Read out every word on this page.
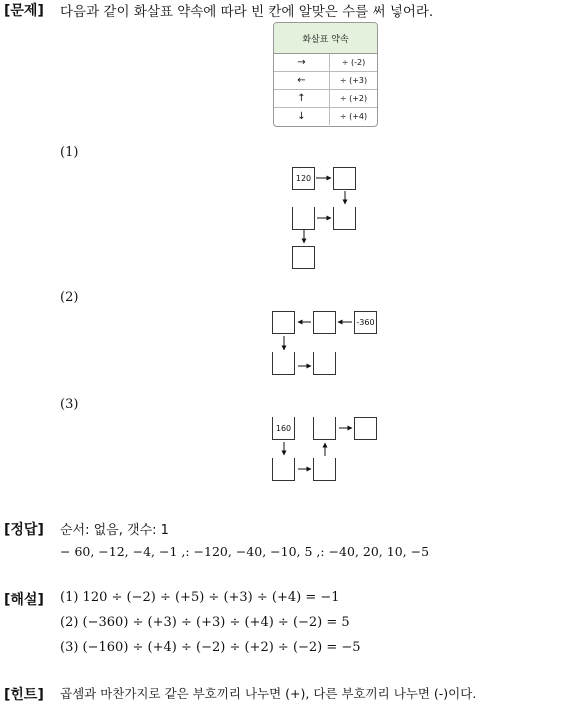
[문제] 다음과 같이 화살표 약속에 따라 빈 칸에 알맞은 수를 써 넣어라.
화살표 약속
→	÷ (-2)
←	÷ (+3)
↑	÷ (+2)
↓	÷ (+4)
(1)
120
(2)
-360
(3)
160
[정답] 순서: 없음, 갯수: 1
− 60, −12, −4, −1 ,: −120, −40, −10, 5 ,: −40, 20, 10, −5
[해설] (1) 120 ÷ (−2) ÷ (+5) ÷ (+3) ÷ (+4) = −1
(2) (−360) ÷ (+3) ÷ (+3) ÷ (+4) ÷ (−2) = 5
(3) (−160) ÷ (+4) ÷ (−2) ÷ (+2) ÷ (−2) = −5
[힌트] 곱셈과 마찬가지로 같은 부호끼리 나누면 (+), 다른 부호끼리 나누면 (-)이다.
